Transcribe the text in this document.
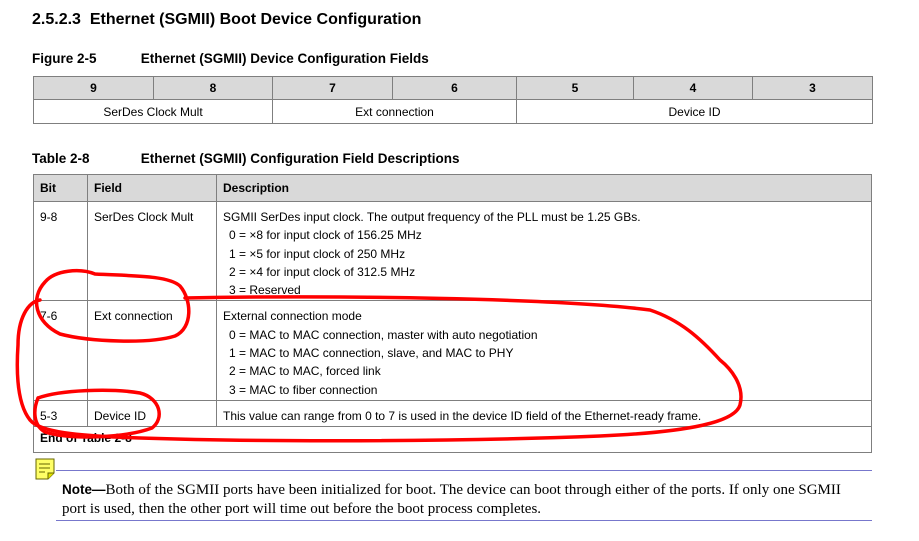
2.5.2.3 Ethernet (SGMII) Boot Device Configuration
Figure 2-5	Ethernet (SGMII) Device Configuration Fields
9	8	7	6	5	4	3
SerDes Clock Mult		Ext connection		Device ID		
Table 2-8	Ethernet (SGMII) Configuration Field Descriptions
Bit	Field	Description
9-8	SerDes Clock Mult	SGMII SerDes input clock. The output frequency of the PLL must be 1.25 GBs.
0 = ×8 for input clock of 156.25 MHz
1 = ×5 for input clock of 250 MHz
2 = ×4 for input clock of 312.5 MHz
3 = Reserved

7-6	Ext connection	External connection mode
0 = MAC to MAC connection, master with auto negotiation
1 = MAC to MAC connection, slave, and MAC to PHY
2 = MAC to MAC, forced link
3 = MAC to fiber connection

5-3	Device ID	This value can range from 0 to 7 is used in the device ID field of the Ethernet-ready frame.

End of Table 2-8		
Note—Both of the SGMII ports have been initialized for boot. The device can boot through either of the ports. If only one SGMII port is used, then the other port will time out before the boot process completes.
